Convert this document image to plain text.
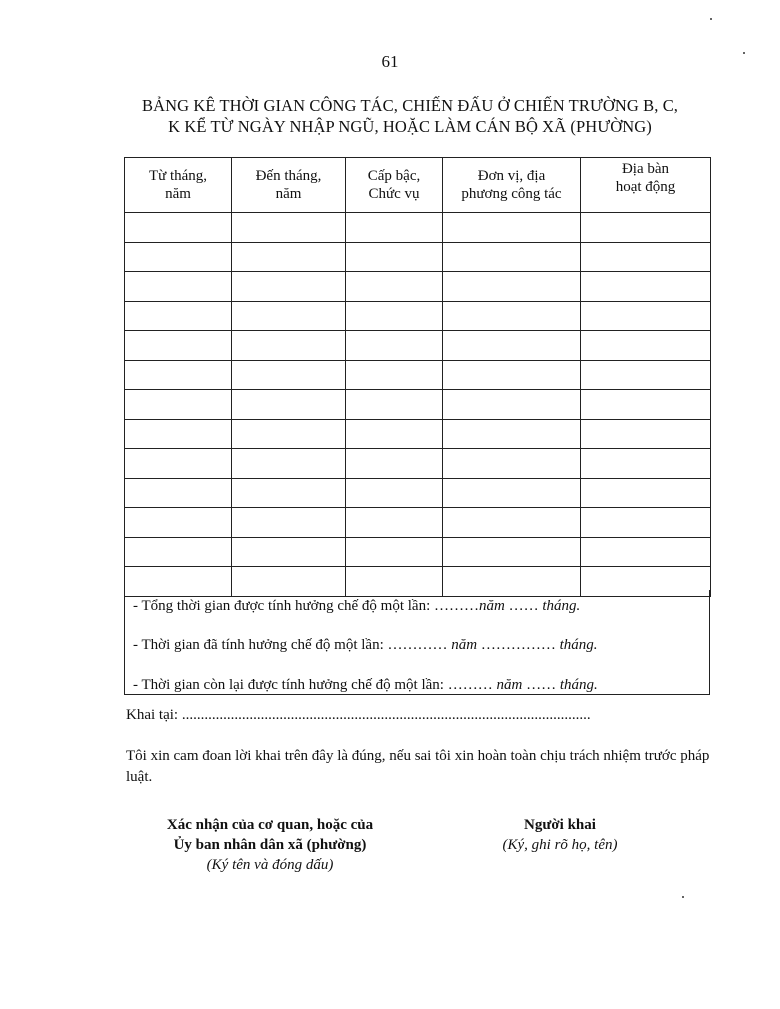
61
BẢNG KÊ THỜI GIAN CÔNG TÁC, CHIẾN ĐẤU Ở CHIẾN TRƯỜNG B, C,
K KỂ TỪ NGÀY NHẬP NGŨ, HOẶC LÀM CÁN BỘ XÃ (PHƯỜNG)
Từ tháng,
năm	Đến tháng,
năm	Cấp bậc,
Chức vụ	Đơn vị, địa
phương công tác	Địa bàn
hoạt động

- Tổng thời gian được tính hưởng chế độ một lần: ………năm …… tháng.
- Thời gian đã tính hưởng chế độ một lần: ………… năm …………… tháng.
- Thời gian còn lại được tính hưởng chế độ một lần: ……… năm …… tháng.
Khai tại: .............................................................................................................
Tôi xin cam đoan lời khai trên đây là đúng, nếu sai tôi xin hoàn toàn chịu trách nhiệm trước pháp luật.
Xác nhận của cơ quan, hoặc của
Ủy ban nhân dân xã (phường)
(Ký tên và đóng dấu)
Người khai
(Ký, ghi rõ họ, tên)
